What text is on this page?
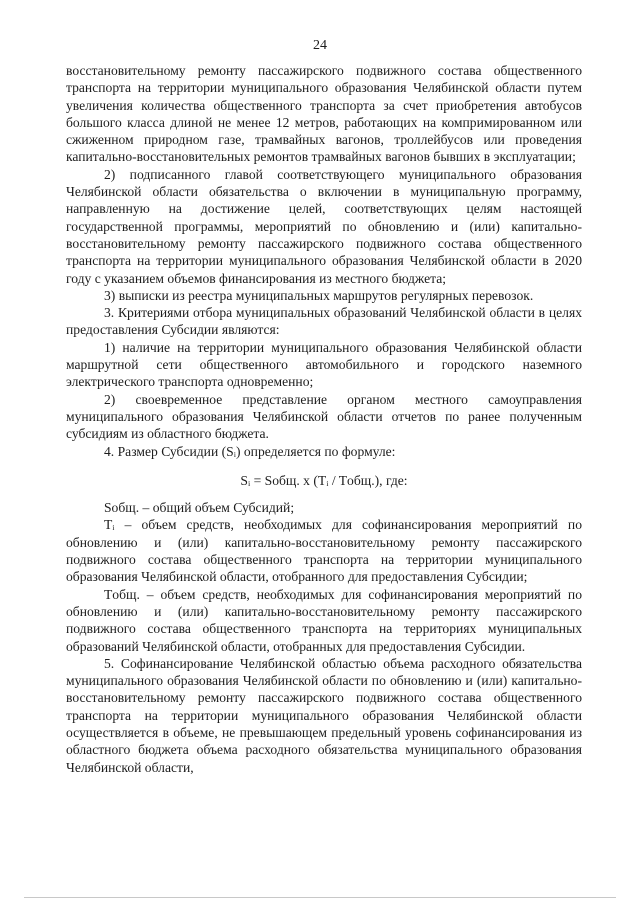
24

восстановительному ремонту пассажирского подвижного состава общественного транспорта на территории муниципального образования Челябинской области путем увеличения количества общественного транспорта за счет приобретения автобусов большого класса длиной не менее 12 метров, работающих на компримированном или сжиженном природном газе, трамвайных вагонов, троллейбусов или проведения капитально-восстановительных ремонтов трамвайных вагонов бывших в эксплуатации;

2) подписанного главой соответствующего муниципального образования Челябинской области обязательства о включении в муниципальную программу, направленную на достижение целей, соответствующих целям настоящей государственной программы, мероприятий по обновлению и (или) капитально-восстановительному ремонту пассажирского подвижного состава общественного транспорта на территории муниципального образования Челябинской области в 2020 году с указанием объемов финансирования из местного бюджета;

3) выписки из реестра муниципальных маршрутов регулярных перевозок.

3. Критериями отбора муниципальных образований Челябинской области в целях предоставления Субсидии являются:

1) наличие на территории муниципального образования Челябинской области маршрутной сети общественного автомобильного и городского наземного электрического транспорта одновременно;

2) своевременное представление органом местного самоуправления муниципального образования Челябинской области отчетов по ранее полученным субсидиям из областного бюджета.

4. Размер Субсидии (Sᵢ) определяется по формуле:

Sᵢ = Sобщ. x (Tᵢ / Tобщ.), где:

Sобщ. – общий объем Субсидий;

Tᵢ – объем средств, необходимых для софинансирования мероприятий по обновлению и (или) капитально-восстановительному ремонту пассажирского подвижного состава общественного транспорта на территории муниципального образования Челябинской области, отобранного для предоставления Субсидии;

Tобщ. – объем средств, необходимых для софинансирования мероприятий по обновлению и (или) капитально-восстановительному ремонту пассажирского подвижного состава общественного транспорта на территориях муниципальных образований Челябинской области, отобранных для предоставления Субсидии.

5. Софинансирование Челябинской областью объема расходного обязательства муниципального образования Челябинской области по обновлению и (или) капитально-восстановительному ремонту пассажирского подвижного состава общественного транспорта на территории муниципального образования Челябинской области осуществляется в объеме, не превышающем предельный уровень софинансирования из областного бюджета объема расходного обязательства муниципального образования Челябинской области,
